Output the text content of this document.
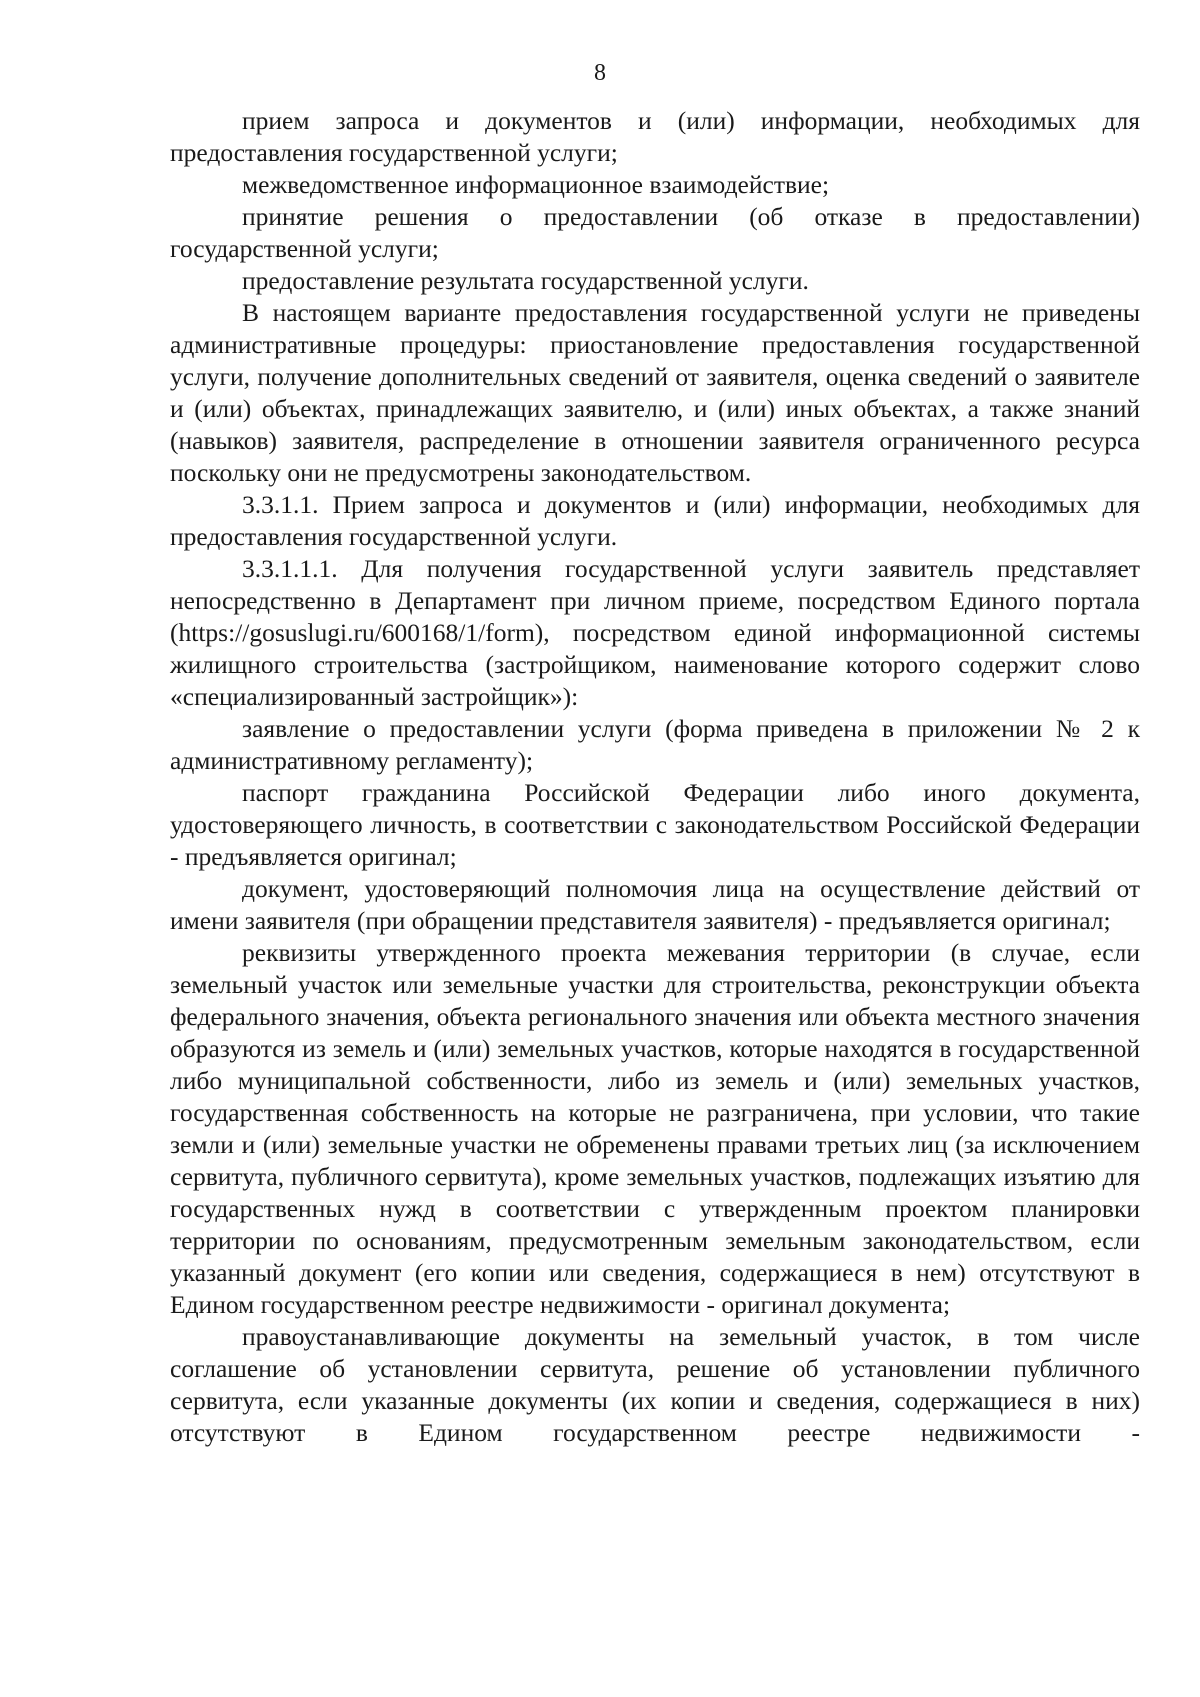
8

прием запроса и документов и (или) информации, необходимых для предоставления государственной услуги;

межведомственное информационное взаимодействие;

принятие решения о предоставлении (об отказе в предоставлении) государственной услуги;

предоставление результата государственной услуги.

В настоящем варианте предоставления государственной услуги не приведены административные процедуры: приостановление предоставления государственной услуги, получение дополнительных сведений от заявителя, оценка сведений о заявителе и (или) объектах, принадлежащих заявителю, и (или) иных объектах, а также знаний (навыков) заявителя, распределение в отношении заявителя ограниченного ресурса поскольку они не предусмотрены законодательством.

3.3.1.1. Прием запроса и документов и (или) информации, необходимых для предоставления государственной услуги.

3.3.1.1.1. Для получения государственной услуги заявитель представляет непосредственно в Департамент при личном приеме, посредством Единого портала (https://gosuslugi.ru/600168/1/form), посредством единой информационной системы жилищного строительства (застройщиком, наименование которого содержит слово «специализированный застройщик»):

заявление о предоставлении услуги (форма приведена в приложении № 2 к административному регламенту);

паспорт гражданина Российской Федерации либо иного документа, удостоверяющего личность, в соответствии с законодательством Российской Федерации - предъявляется оригинал;

документ, удостоверяющий полномочия лица на осуществление действий от имени заявителя (при обращении представителя заявителя) - предъявляется оригинал;

реквизиты утвержденного проекта межевания территории (в случае, если земельный участок или земельные участки для строительства, реконструкции объекта федерального значения, объекта регионального значения или объекта местного значения образуются из земель и (или) земельных участков, которые находятся в государственной либо муниципальной собственности, либо из земель и (или) земельных участков, государственная собственность на которые не разграничена, при условии, что такие земли и (или) земельные участки не обременены правами третьих лиц (за исключением сервитута, публичного сервитута), кроме земельных участков, подлежащих изъятию для государственных нужд в соответствии с утвержденным проектом планировки территории по основаниям, предусмотренным земельным законодательством, если указанный документ (его копии или сведения, содержащиеся в нем) отсутствуют в Едином государственном реестре недвижимости - оригинал документа;

правоустанавливающие документы на земельный участок, в том числе соглашение об установлении сервитута, решение об установлении публичного сервитута, если указанные документы (их копии и сведения, содержащиеся в них) отсутствуют в Едином государственном реестре недвижимости -
